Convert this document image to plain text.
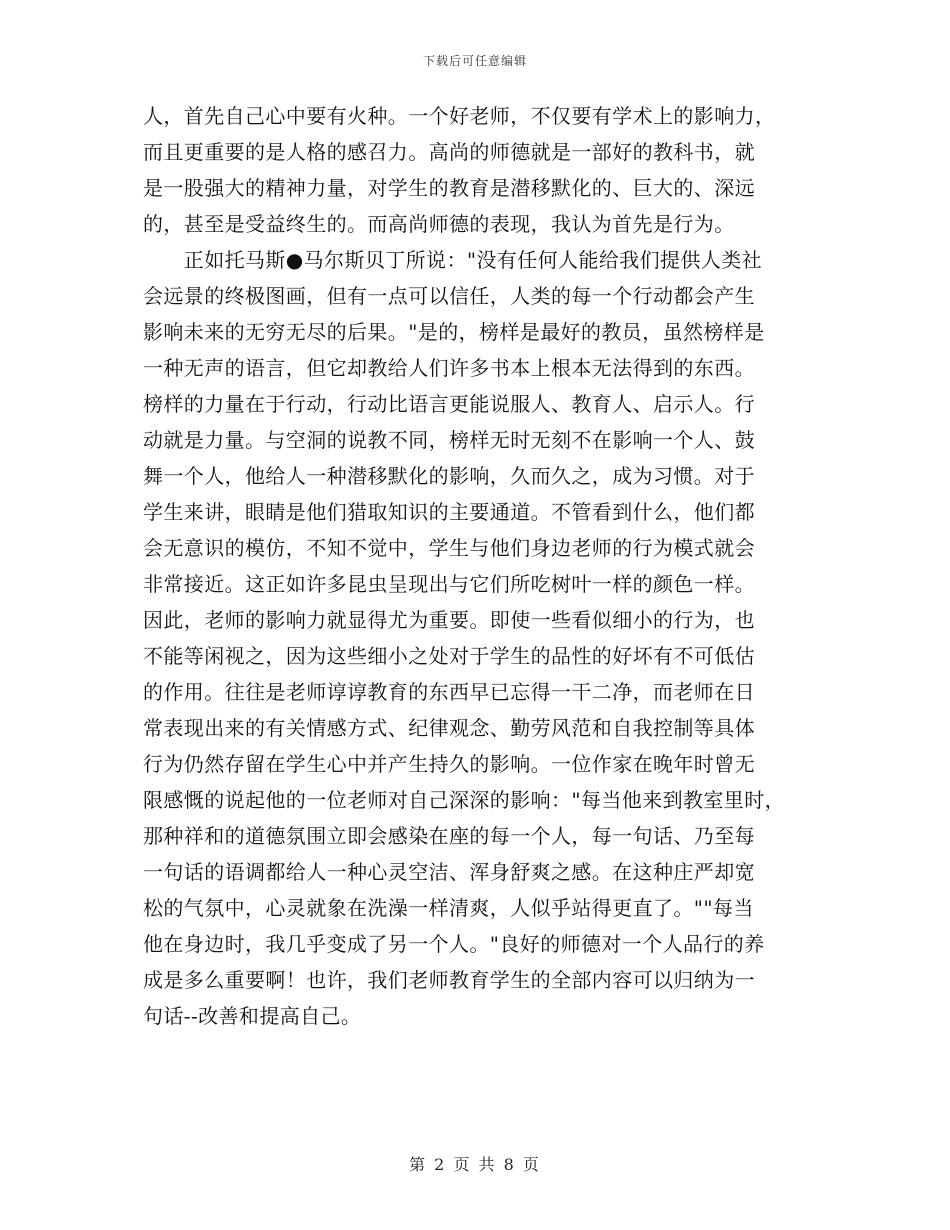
下载后可任意编辑
人，首先自己心中要有火种。一个好老师，不仅要有学术上的影响力，
而且更重要的是人格的感召力。高尚的师德就是一部好的教科书，就
是一股强大的精神力量，对学生的教育是潜移默化的、巨大的、深远
的，甚至是受益终生的。而高尚师德的表现，我认为首先是行为。
　　正如托马斯●马尔斯贝丁所说："没有任何人能给我们提供人类社
会远景的终极图画，但有一点可以信任，人类的每一个行动都会产生
影响未来的无穷无尽的后果。"是的，榜样是最好的教员，虽然榜样是
一种无声的语言，但它却教给人们许多书本上根本无法得到的东西。
榜样的力量在于行动，行动比语言更能说服人、教育人、启示人。行
动就是力量。与空洞的说教不同，榜样无时无刻不在影响一个人、鼓
舞一个人，他给人一种潜移默化的影响，久而久之，成为习惯。对于
学生来讲，眼睛是他们猎取知识的主要通道。不管看到什么，他们都
会无意识的模仿，不知不觉中，学生与他们身边老师的行为模式就会
非常接近。这正如许多昆虫呈现出与它们所吃树叶一样的颜色一样。
因此，老师的影响力就显得尤为重要。即使一些看似细小的行为，也
不能等闲视之，因为这些细小之处对于学生的品性的好坏有不可低估
的作用。往往是老师谆谆教育的东西早已忘得一干二净，而老师在日
常表现出来的有关情感方式、纪律观念、勤劳风范和自我控制等具体
行为仍然存留在学生心中并产生持久的影响。一位作家在晚年时曾无
限感慨的说起他的一位老师对自己深深的影响："每当他来到教室里时，
那种祥和的道德氛围立即会感染在座的每一个人，每一句话、乃至每
一句话的语调都给人一种心灵空洁、浑身舒爽之感。在这种庄严却宽
松的气氛中，心灵就象在洗澡一样清爽，人似乎站得更直了。""每当
他在身边时，我几乎变成了另一个人。"良好的师德对一个人品行的养
成是多么重要啊！也许，我们老师教育学生的全部内容可以归纳为一
句话--改善和提高自己。
第 2 页 共 8 页
